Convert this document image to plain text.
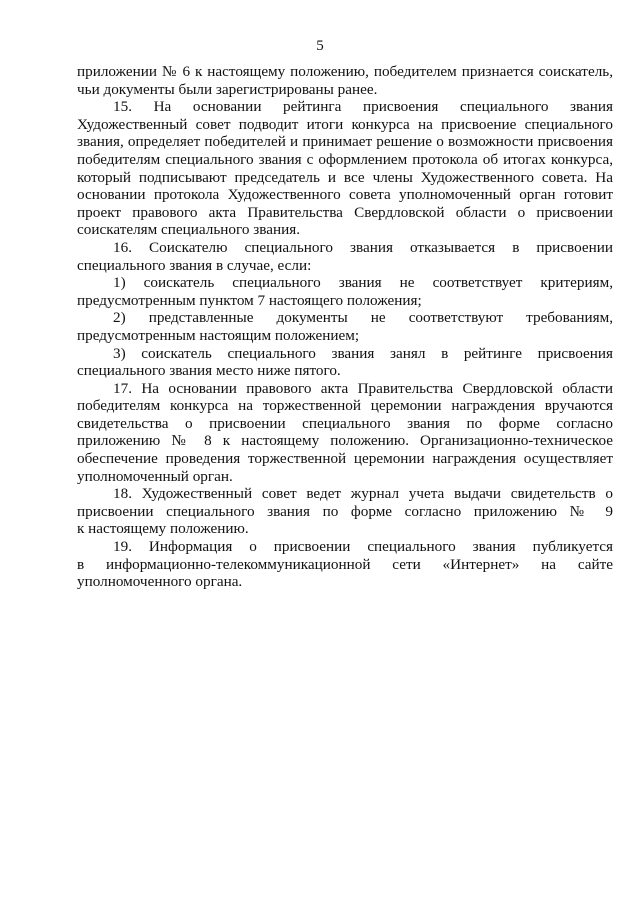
5
приложении № 6 к настоящему положению, победителем признается соискатель,
чьи документы были зарегистрированы ранее.
15. На основании рейтинга присвоения специального звания
Художественный совет подводит итоги конкурса на присвоение специального
звания, определяет победителей и принимает решение о возможности присвоения
победителям специального звания с оформлением протокола об итогах конкурса,
который подписывают председатель и все члены Художественного совета. На
основании протокола Художественного совета уполномоченный орган готовит
проект правового акта Правительства Свердловской области о присвоении
соискателям специального звания.
16. Соискателю специального звания отказывается в присвоении
специального звания в случае, если:
1) соискатель специального звания не соответствует критериям,
предусмотренным пунктом 7 настоящего положения;
2) представленные документы не соответствуют требованиям,
предусмотренным настоящим положением;
3) соискатель специального звания занял в рейтинге присвоения
специального звания место ниже пятого.
17. На основании правового акта Правительства Свердловской области
победителям конкурса на торжественной церемонии награждения вручаются
свидетельства о присвоении специального звания по форме согласно
приложению № 8 к настоящему положению. Организационно-техническое
обеспечение проведения торжественной церемонии награждения осуществляет
уполномоченный орган.
18. Художественный совет ведет журнал учета выдачи свидетельств о
присвоении специального звания по форме согласно приложению № 9
к настоящему положению.
19. Информация о присвоении специального звания публикуется
в информационно-телекоммуникационной сети «Интернет» на сайте
уполномоченного органа.
